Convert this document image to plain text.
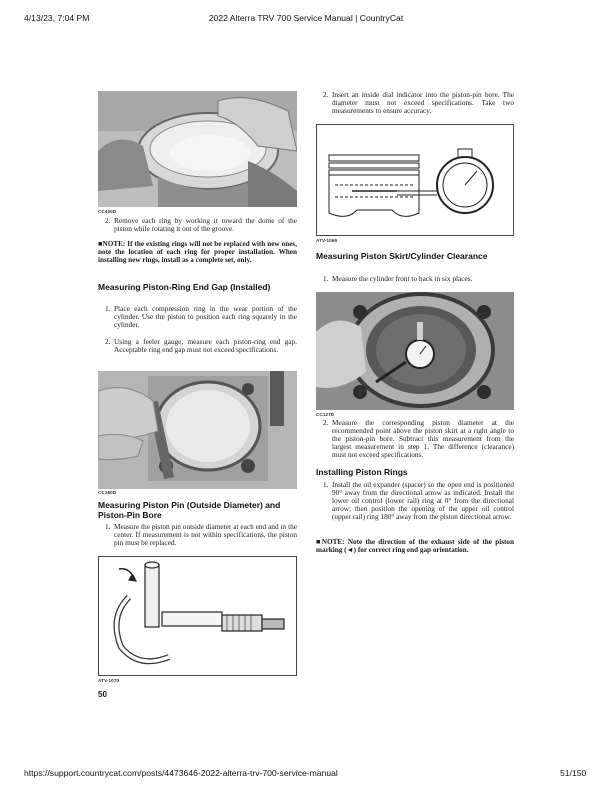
4/13/23, 7:04 PM	2022 Alterra TRV 700 Service Manual | CountryCat
https://support.countrycat.com/posts/4473646-2022-alterra-trv-700-service-manual	51/150
CC400D
2. Remove each ring by working it toward the dome of the piston while rotating it out of the groove.
■NOTE: If the existing rings will not be replaced with new ones, note the location of each ring for proper installation. When installing new rings, install as a complete set, only.
Measuring Piston-Ring End Gap (Installed)
1. Place each compression ring in the wear portion of the cylinder. Use the piston to position each ring squarely in the cylinder.
2. Using a feeler gauge, measure each piston-ring end gap. Acceptable ring end gap must not exceed specifications.
CC280D
Measuring Piston Pin (Outside Diameter) and Piston-Pin Bore
1. Measure the piston pin outside diameter at each end and in the center. If measurement is not within specifications, the piston pin must be replaced.
ATV-1070
50
2. Insert an inside dial indicator into the piston-pin bore. The diameter must not exceed specifications. Take two measurements to ensure accuracy.
ATV-1069
Measuring Piston Skirt/Cylinder Clearance
1. Measure the cylinder front to back in six places.
CC127D
2. Measure the corresponding piston diameter at the recommended point above the piston skirt at a right angle to the piston-pin bore. Subtract this measurement from the largest measurement in step 1. The difference (clearance) must not exceed specifications.
Installing Piston Rings
1. Install the oil expander (spacer) so the open end is positioned 90° away from the directional arrow as indicated. Install the lower oil control (lower rail) ring at 0° from the directional arrow; then position the opening of the upper oil control (upper rail) ring 180° away from the piston directional arrow.
■NOTE: Note the direction of the exhaust side of the piston marking (◄) for correct ring end gap orientation.
